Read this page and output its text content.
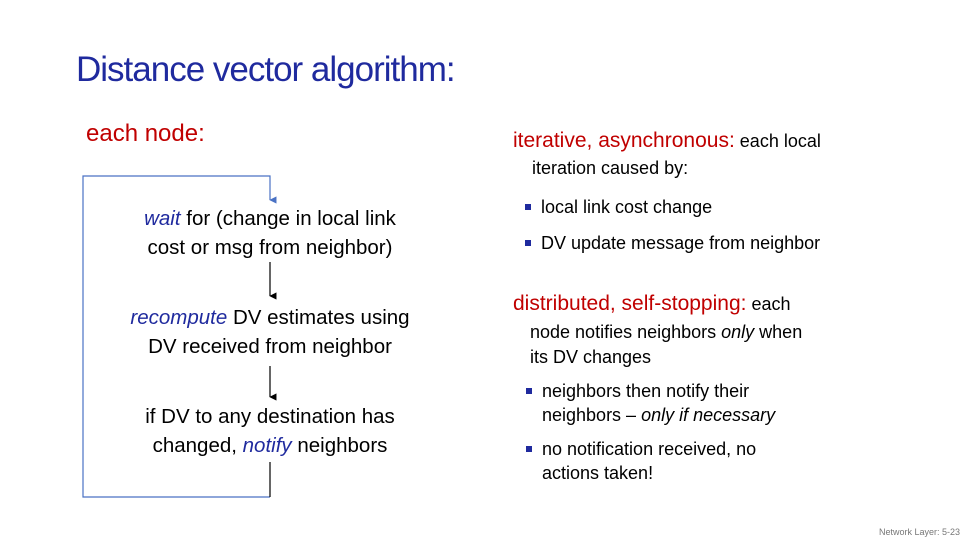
Distance vector algorithm:
each node:
wait for (change in local link
cost or msg from neighbor)
recompute DV estimates using
DV received from neighbor
if DV to any destination has
changed, notify neighbors
iterative, asynchronous: each local
iteration caused by:
local link cost change
DV update message from neighbor
distributed, self-stopping: each
node notifies neighbors only when
its DV changes
neighbors then notify their
neighbors – only if necessary
no notification received, no
actions taken!
Network Layer: 5-23
